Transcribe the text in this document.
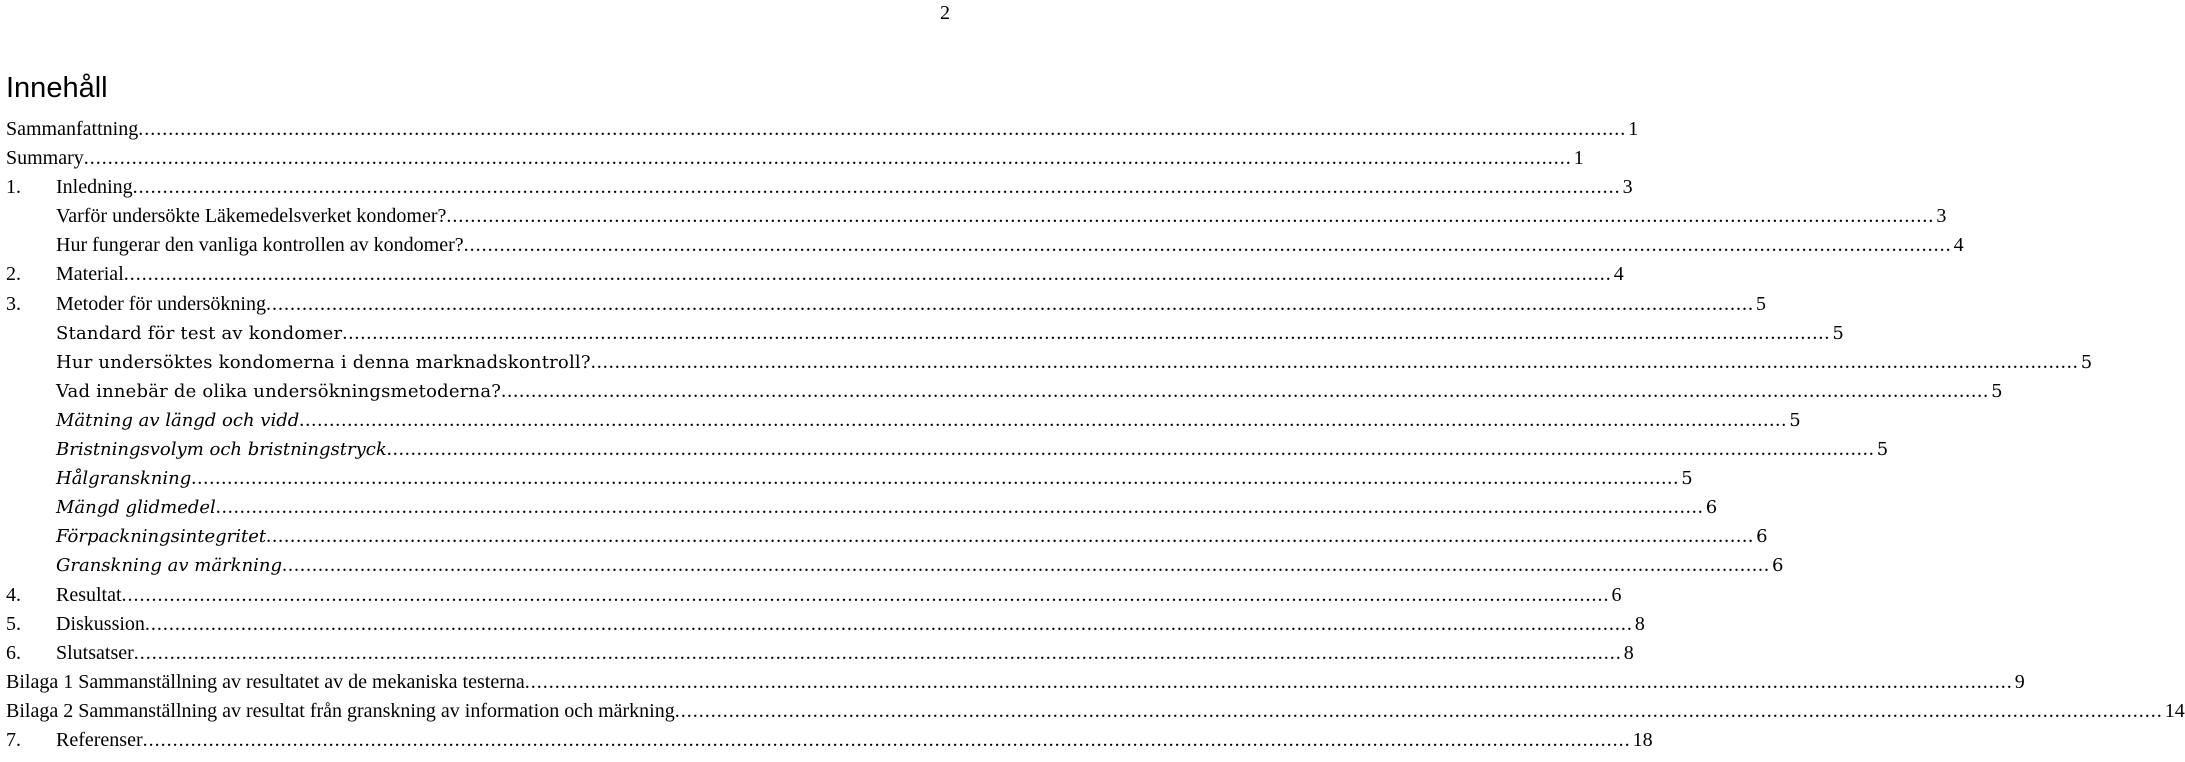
2
Innehåll
Sammanfattning .....	1
Summary .....	1
1. Inledning .....	3
Varför undersökte Läkemedelsverket kondomer? .....	3
Hur fungerar den vanliga kontrollen av kondomer? .....	4
2. Material .....	4
3. Metoder för undersökning .....	5
Standard för test av kondomer .....	5
Hur undersöktes kondomerna i denna marknadskontroll? .....	5
Vad innebär de olika undersökningsmetoderna? .....	5
Mätning av längd och vidd .....	5
Bristningsvolym och bristningstryck .....	5
Hålgranskning .....	5
Mängd glidmedel .....	6
Förpackningsintegritet .....	6
Granskning av märkning .....	6
4. Resultat .....	6
5. Diskussion .....	8
6. Slutsatser .....	8
Bilaga 1 Sammanställning av resultatet av de mekaniska testerna .....	9
Bilaga 2 Sammanställning av resultat från granskning av information och märkning .....	14
7. Referenser .....	18
